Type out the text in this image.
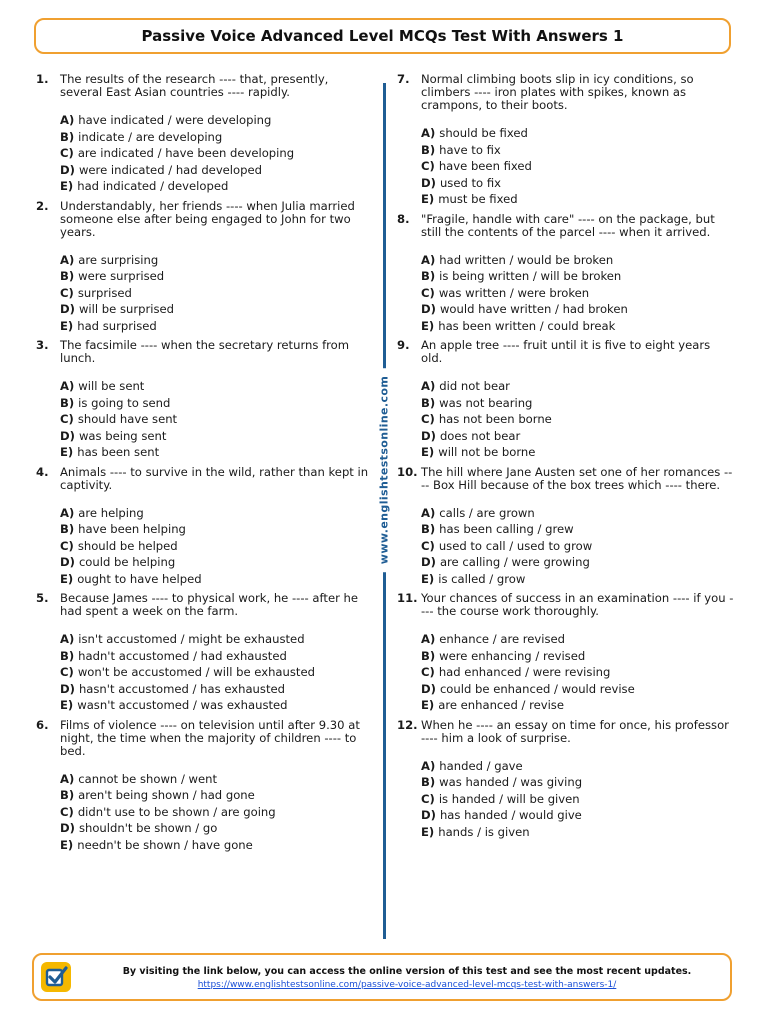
Passive Voice Advanced Level MCQs Test With Answers 1
1. The results of the research ---- that, presently, several East Asian countries ---- rapidly.
A) have indicated / were developing
B) indicate / are developing
C) are indicated / have been developing
D) were indicated / had developed
E) had indicated / developed
2. Understandably, her friends ---- when Julia married someone else after being engaged to John for two years.
A) are surprising
B) were surprised
C) surprised
D) will be surprised
E) had surprised
3. The facsimile ---- when the secretary returns from lunch.
A) will be sent
B) is going to send
C) should have sent
D) was being sent
E) has been sent
4. Animals ---- to survive in the wild, rather than kept in captivity.
A) are helping
B) have been helping
C) should be helped
D) could be helping
E) ought to have helped
5. Because James ---- to physical work, he ---- after he had spent a week on the farm.
A) isn't accustomed / might be exhausted
B) hadn't accustomed / had exhausted
C) won't be accustomed / will be exhausted
D) hasn't accustomed / has exhausted
E) wasn't accustomed / was exhausted
6. Films of violence ---- on television until after 9.30 at night, the time when the majority of children ---- to bed.
A) cannot be shown / went
B) aren't being shown / had gone
C) didn't use to be shown / are going
D) shouldn't be shown / go
E) needn't be shown / have gone
www.englishtestsonline.com
7. Normal climbing boots slip in icy conditions, so climbers ---- iron plates with spikes, known as crampons, to their boots.
A) should be fixed
B) have to fix
C) have been fixed
D) used to fix
E) must be fixed
8. "Fragile, handle with care" ---- on the package, but still the contents of the parcel ---- when it arrived.
A) had written / would be broken
B) is being written / will be broken
C) was written / were broken
D) would have written / had broken
E) has been written / could break
9. An apple tree ---- fruit until it is five to eight years old.
A) did not bear
B) was not bearing
C) has not been borne
D) does not bear
E) will not be borne
10. The hill where Jane Austen set one of her romances ---- Box Hill because of the box trees which ---- there.
A) calls / are grown
B) has been calling / grew
C) used to call / used to grow
D) are calling / were growing
E) is called / grow
11. Your chances of success in an examination ---- if you ---- the course work thoroughly.
A) enhance / are revised
B) were enhancing / revised
C) had enhanced / were revising
D) could be enhanced / would revise
E) are enhanced / revise
12. When he ---- an essay on time for once, his professor ---- him a look of surprise.
A) handed / gave
B) was handed / was giving
C) is handed / will be given
D) has handed / would give
E) hands / is given
By visiting the link below, you can access the online version of this test and see the most recent updates.
https://www.englishtestsonline.com/passive-voice-advanced-level-mcqs-test-with-answers-1/
